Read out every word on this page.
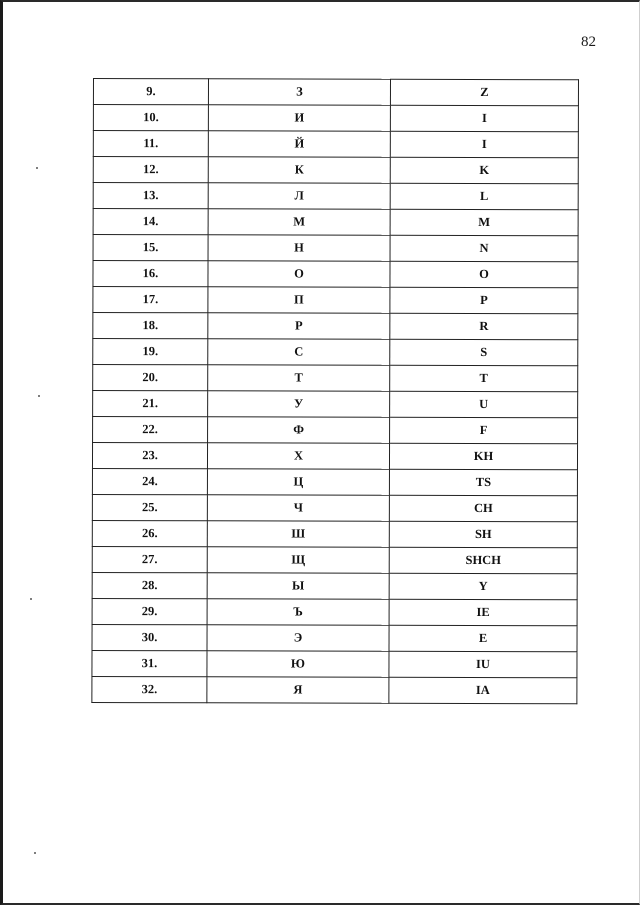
82
9.	З	Z
10.	И	I
11.	Й	I
12.	К	K
13.	Л	L
14.	М	M
15.	Н	N
16.	О	O
17.	П	P
18.	Р	R
19.	С	S
20.	Т	T
21.	У	U
22.	Ф	F
23.	Х	KH
24.	Ц	TS
25.	Ч	CH
26.	Ш	SH
27.	Щ	SHCH
28.	Ы	Y
29.	Ъ	IE
30.	Э	E
31.	Ю	IU
32.	Я	IA
